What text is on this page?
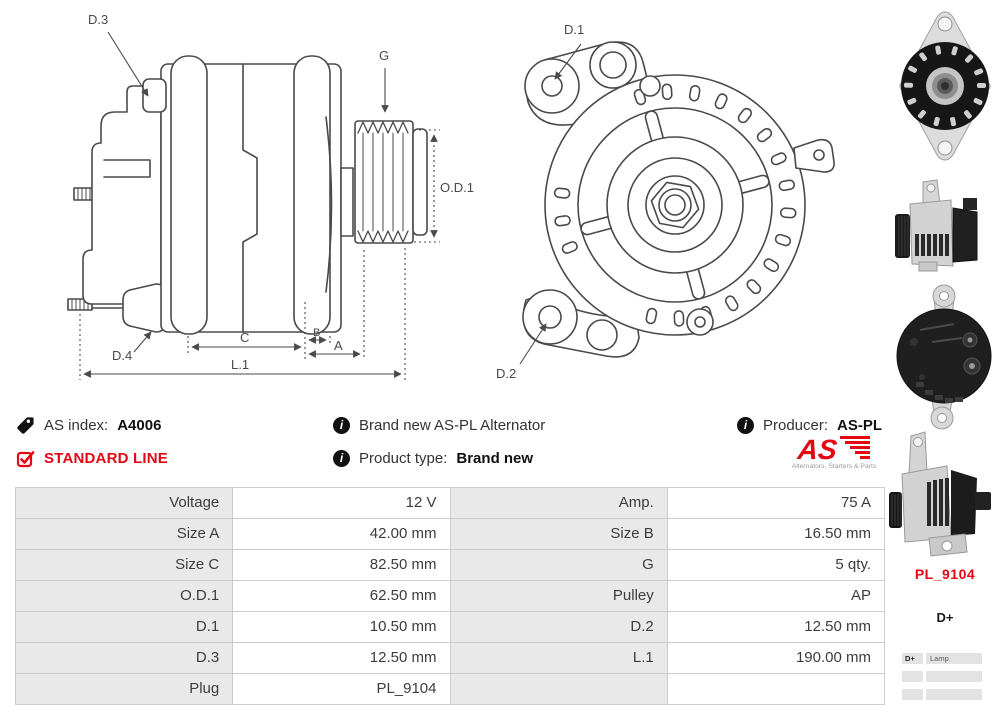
D.3
G
O.D.1
D.4
C	B
A
L.1
D.1
D.2
AS index: A4006	i	Brand new AS-PL Alternator	i	Producer: AS-PL
STANDARD LINE	i	Product type: Brand new	AS
Alternators, Starters & Parts
Voltage	12 V	Amp.	75 A
Size A	42.00 mm	Size B	16.50 mm
Size C	82.50 mm	G	5 qty.
O.D.1	62.50 mm	Pulley	AP
D.1	10.50 mm	D.2	12.50 mm
D.3	12.50 mm	L.1	190.00 mm
Plug	PL_9104
PL_9104
D+
D+	Lamp
